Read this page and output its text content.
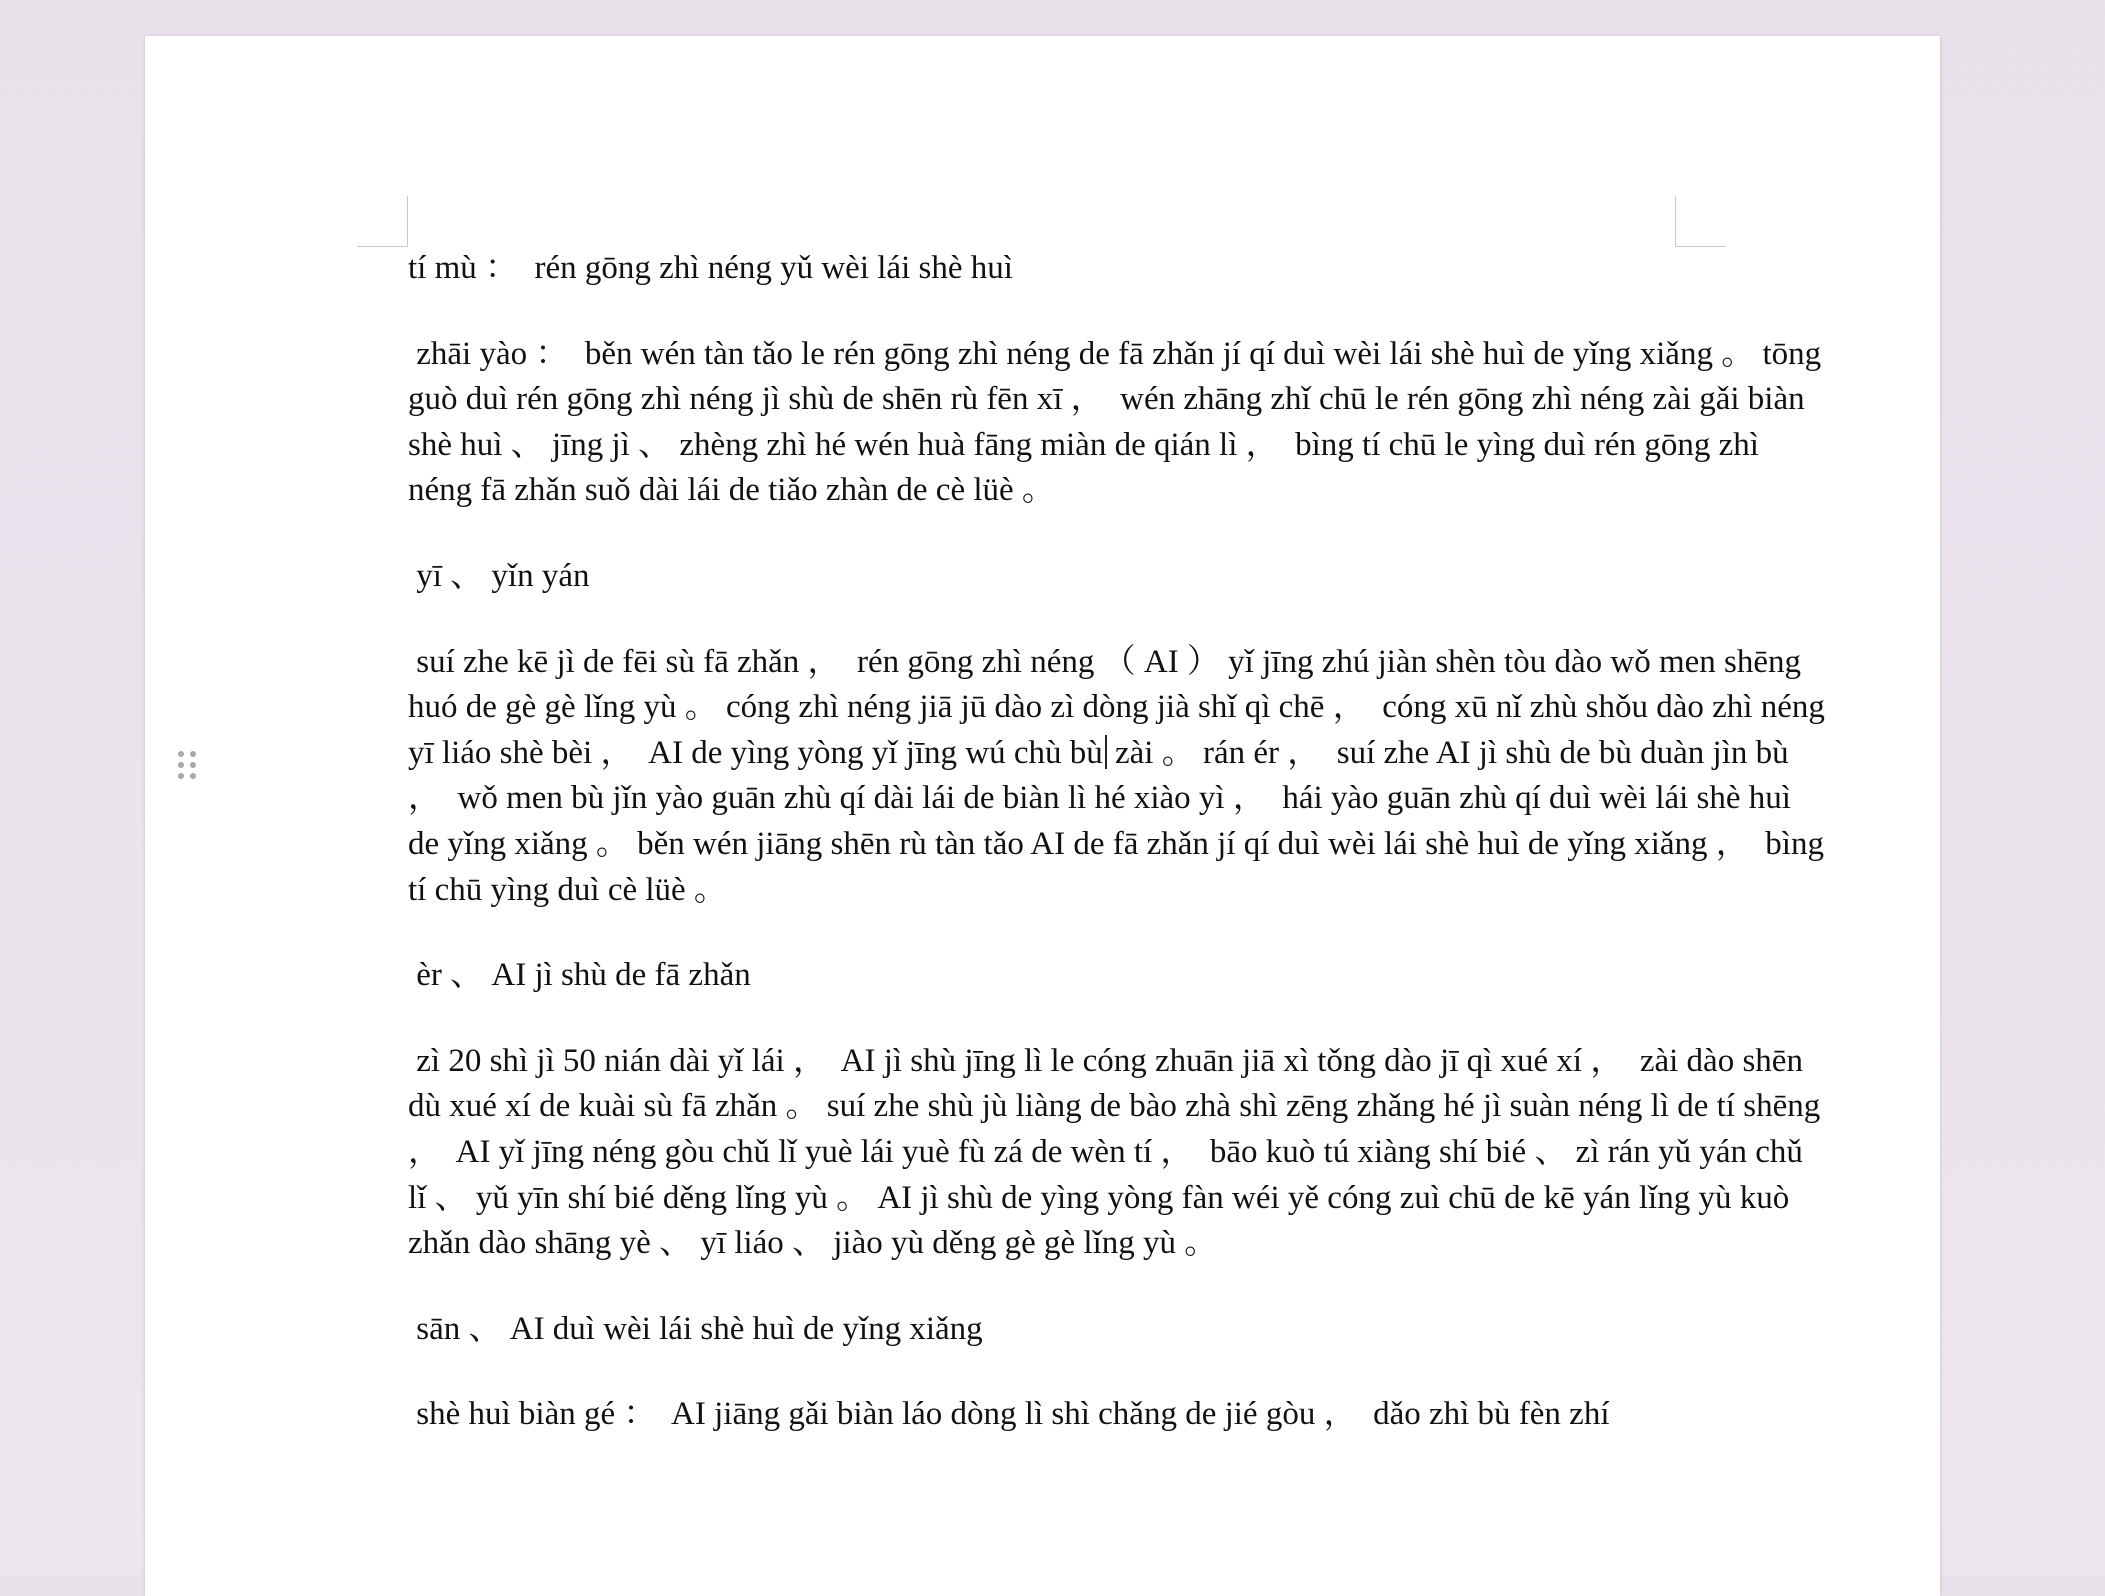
tí mù ：  rén gōng zhì néng yǔ wèi lái shè huì

zhāi yào ：  běn wén tàn tǎo le rén gōng zhì néng de fā zhǎn jí qí duì wèi lái shè huì de yǐng xiǎng 。 tōng guò duì rén gōng zhì néng jì shù de shēn rù fēn xī ，  wén zhāng zhǐ chū le rén gōng zhì néng zài gǎi biàn shè huì 、 jīng jì 、 zhèng zhì hé wén huà fāng miàn de qián lì ，  bìng tí chū le yìng duì rén gōng zhì néng fā zhǎn suǒ dài lái de tiǎo zhàn de cè lüè 。

yī 、 yǐn yán

suí zhe kē jì de fēi sù fā zhǎn ，  rén gōng zhì néng （ AI ） yǐ jīng zhú jiàn shèn tòu dào wǒ men shēng huó de gè gè lǐng yù 。 cóng zhì néng jiā jū dào zì dòng jià shǐ qì chē ，  cóng xū nǐ zhù shǒu dào zhì néng yī liáo shè bèi ，  AI de yìng yòng yǐ jīng wú chù bù zài 。 rán ér ，  suí zhe AI jì shù de bù duàn jìn bù ，  wǒ men bù jǐn yào guān zhù qí dài lái de biàn lì hé xiào yì ，  hái yào guān zhù qí duì wèi lái shè huì de yǐng xiǎng 。 běn wén jiāng shēn rù tàn tǎo AI de fā zhǎn jí qí duì wèi lái shè huì de yǐng xiǎng ，  bìng tí chū yìng duì cè lüè 。

èr 、 AI jì shù de fā zhǎn

zì 20 shì jì 50 nián dài yǐ lái ，  AI jì shù jīng lì le cóng zhuān jiā xì tǒng dào jī qì xué xí ，  zài dào shēn dù xué xí de kuài sù fā zhǎn 。 suí zhe shù jù liàng de bào zhà shì zēng zhǎng hé jì suàn néng lì de tí shēng ，  AI yǐ jīng néng gòu chǔ lǐ yuè lái yuè fù zá de wèn tí ，  bāo kuò tú xiàng shí bié 、 zì rán yǔ yán chǔ lǐ 、 yǔ yīn shí bié děng lǐng yù 。 AI jì shù de yìng yòng fàn wéi yě cóng zuì chū de kē yán lǐng yù kuò zhǎn dào shāng yè 、 yī liáo 、 jiào yù děng gè gè lǐng yù 。

sān 、 AI duì wèi lái shè huì de yǐng xiǎng

shè huì biàn gé ：  AI jiāng gǎi biàn láo dòng lì shì chǎng de jié gòu ，  dǎo zhì bù fèn zhí
